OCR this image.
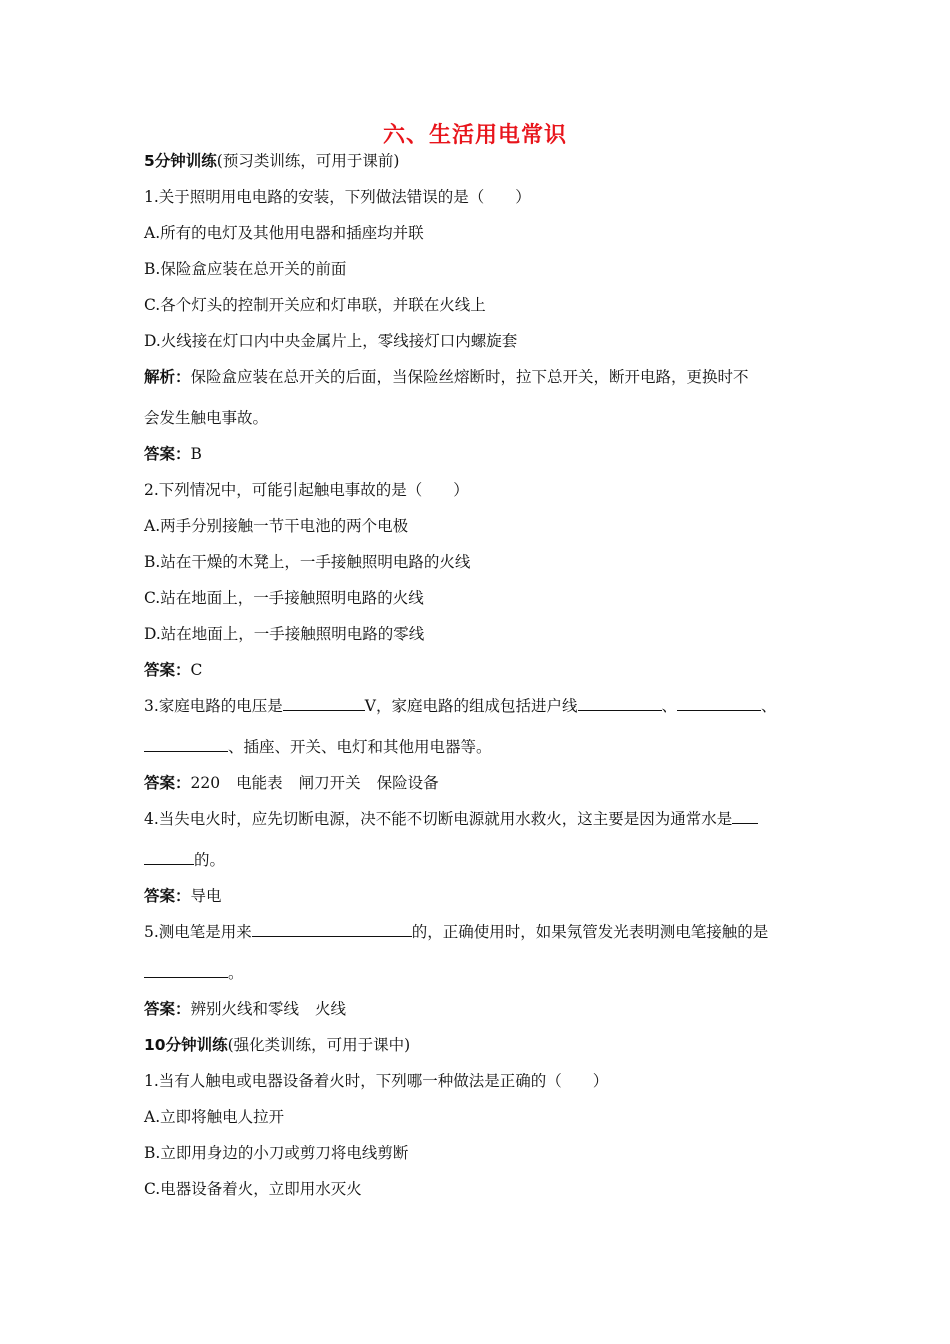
六、生活用电常识
5分钟训练(预习类训练，可用于课前)
1.关于照明用电电路的安装，下列做法错误的是（　　）
A.所有的电灯及其他用电器和插座均并联
B.保险盒应装在总开关的前面
C.各个灯头的控制开关应和灯串联，并联在火线上
D.火线接在灯口内中央金属片上，零线接灯口内螺旋套
解析：保险盒应装在总开关的后面，当保险丝熔断时，拉下总开关，断开电路，更换时不
会发生触电事故。
答案：B
2.下列情况中，可能引起触电事故的是（　　）
A.两手分别接触一节干电池的两个电极
B.站在干燥的木凳上，一手接触照明电路的火线
C.站在地面上，一手接触照明电路的火线
D.站在地面上，一手接触照明电路的零线
答案：C
3.家庭电路的电压是	V，家庭电路的组成包括进户线	、	、
、插座、开关、电灯和其他用电器等。
答案：220 电能表 闸刀开关 保险设备
4.当失电火时，应先切断电源，决不能不切断电源就用水救火，这主要是因为通常水是
的。
答案：导电
5.测电笔是用来	的，正确使用时，如果氖管发光表明测电笔接触的是
。
答案：辨别火线和零线 火线
10分钟训练(强化类训练，可用于课中)
1.当有人触电或电器设备着火时，下列哪一种做法是正确的（　　）
A.立即将触电人拉开
B.立即用身边的小刀或剪刀将电线剪断
C.电器设备着火，立即用水灭火
